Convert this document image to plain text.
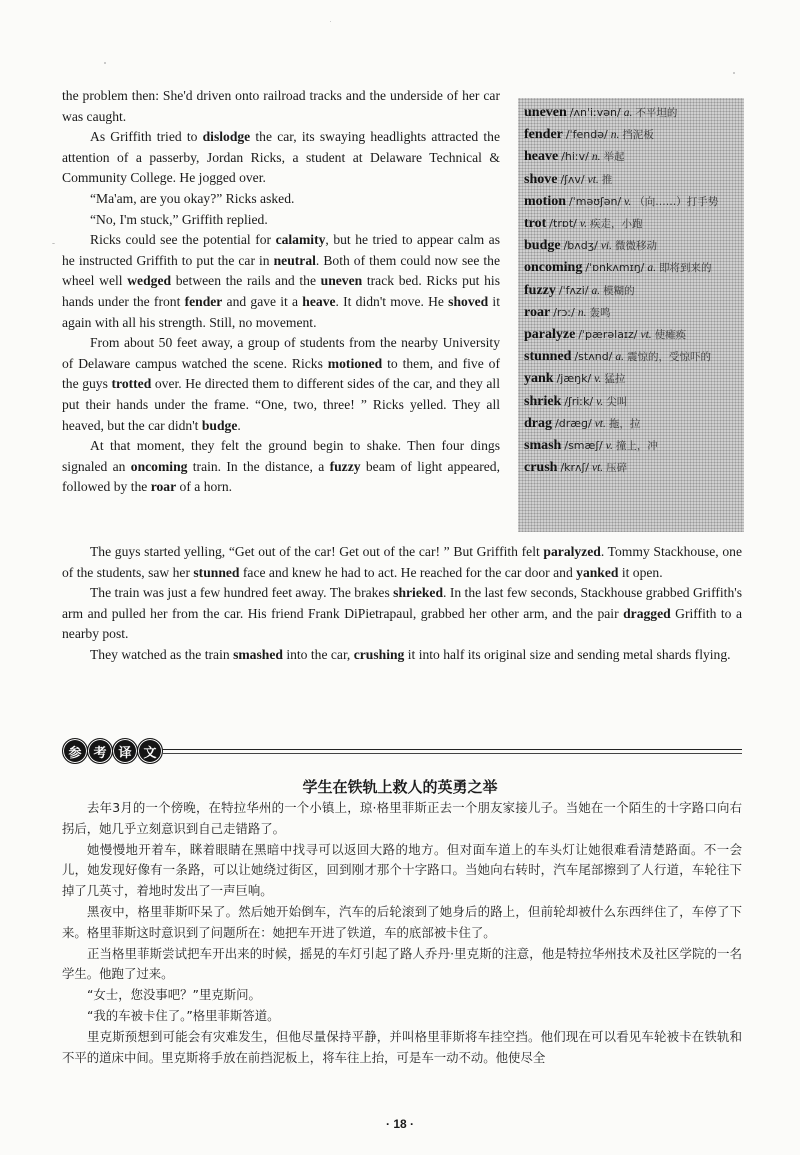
the problem then: She'd driven onto railroad tracks and the underside of her car was caught.

As Griffith tried to dislodge the car, its swaying headlights attracted the attention of a passerby, Jordan Ricks, a student at Delaware Technical & Community College. He jogged over.

“Ma'am, are you okay?” Ricks asked.

“No, I'm stuck,” Griffith replied.

Ricks could see the potential for calamity, but he tried to appear calm as he instructed Griffith to put the car in neutral. Both of them could now see the wheel well wedged between the rails and the uneven track bed. Ricks put his hands under the front fender and gave it a heave. It didn't move. He shoved it again with all his strength. Still, no movement.

From about 50 feet away, a group of students from the nearby University of Delaware campus watched the scene. Ricks motioned to them, and five of the guys trotted over. He directed them to different sides of the car, and they all put their hands under the frame. “One, two, three! ” Ricks yelled. They all heaved, but the car didn't budge.

At that moment, they felt the ground begin to shake. Then four dings signaled an oncoming train. In the distance, a fuzzy beam of light appeared, followed by the roar of a horn.

uneven /ʌnˈiːvən/ a. 不平坦的
fender /ˈfendə/ n. 挡泥板
heave /hiːv/ n. 举起
shove /ʃʌv/ vt. 推
motion /ˈməʊʃən/ v. （向……）打手势
trot /trɒt/ v. 疾走，小跑
budge /bʌdʒ/ vi. 微微移动
oncoming /ˈɒnkʌmɪŋ/ a. 即将到来的
fuzzy /ˈfʌzi/ a. 模糊的
roar /rɔː/ n. 轰鸣
paralyze /ˈpærəlaɪz/ vt. 使瘫痪
stunned /stʌnd/ a. 震惊的，受惊吓的
yank /jæŋk/ v. 猛拉
shriek /ʃriːk/ v. 尖叫
drag /dræɡ/ vt. 拖，拉
smash /smæʃ/ v. 撞上，冲
crush /krʌʃ/ vt. 压碎

The guys started yelling, “Get out of the car! Get out of the car! ” But Griffith felt paralyzed. Tommy Stackhouse, one of the students, saw her stunned face and knew he had to act. He reached for the car door and yanked it open.

The train was just a few hundred feet away. The brakes shrieked. In the last few seconds, Stackhouse grabbed Griffith's arm and pulled her from the car. His friend Frank DiPietrapaul, grabbed her other arm, and the pair dragged Griffith to a nearby post.

They watched as the train smashed into the car, crushing it into half its original size and sending metal shards flying.

参 考 译 文
学生在铁轨上救人的英勇之举

去年3月的一个傍晚，在特拉华州的一个小镇上，琼·格里菲斯正去一个朋友家接儿子。当她在一个陌生的十字路口向右拐后，她几乎立刻意识到自己走错路了。

她慢慢地开着车，眯着眼睛在黑暗中找寻可以返回大路的地方。但对面车道上的车头灯让她很难看清楚路面。不一会儿，她发现好像有一条路，可以让她绕过街区，回到刚才那个十字路口。当她向右转时，汽车尾部擦到了人行道，车轮往下掉了几英寸，着地时发出了一声巨响。

黑夜中，格里菲斯吓呆了。然后她开始倒车，汽车的后轮滚到了她身后的路上，但前轮却被什么东西绊住了，车停了下来。格里菲斯这时意识到了问题所在：她把车开进了铁道，车的底部被卡住了。

正当格里菲斯尝试把车开出来的时候，摇晃的车灯引起了路人乔丹·里克斯的注意，他是特拉华州技术及社区学院的一名学生。他跑了过来。

“女士，您没事吧？”里克斯问。

“我的车被卡住了。”格里菲斯答道。

里克斯预想到可能会有灾难发生，但他尽量保持平静，并叫格里菲斯将车挂空挡。他们现在可以看见车轮被卡在铁轨和不平的道床中间。里克斯将手放在前挡泥板上，将车往上抬，可是车一动不动。他使尽全

· 18 ·
